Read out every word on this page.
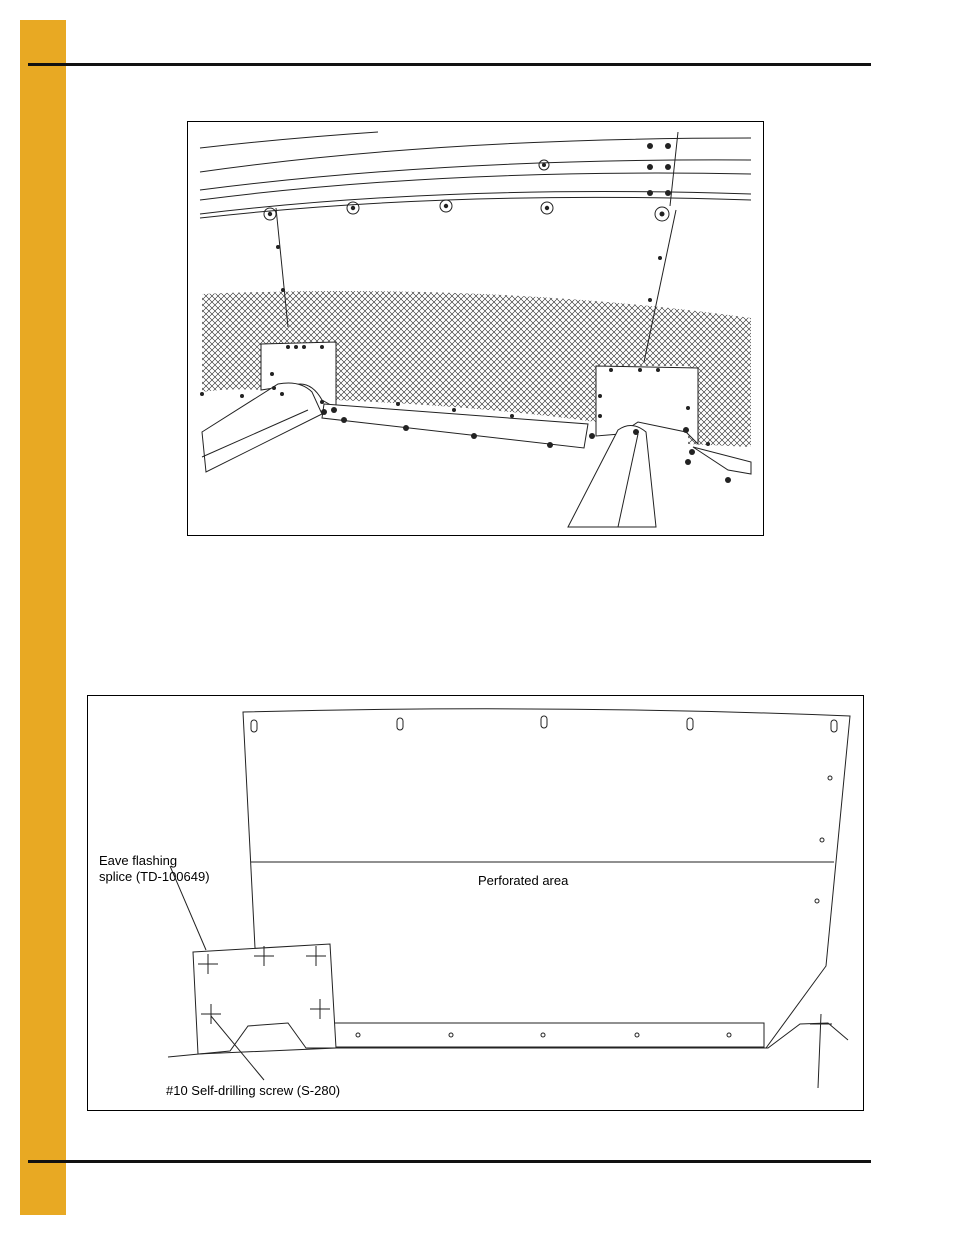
Eave flashing
splice (TD-100649)	Perforated area
#10 Self-drilling screw (S-280)
